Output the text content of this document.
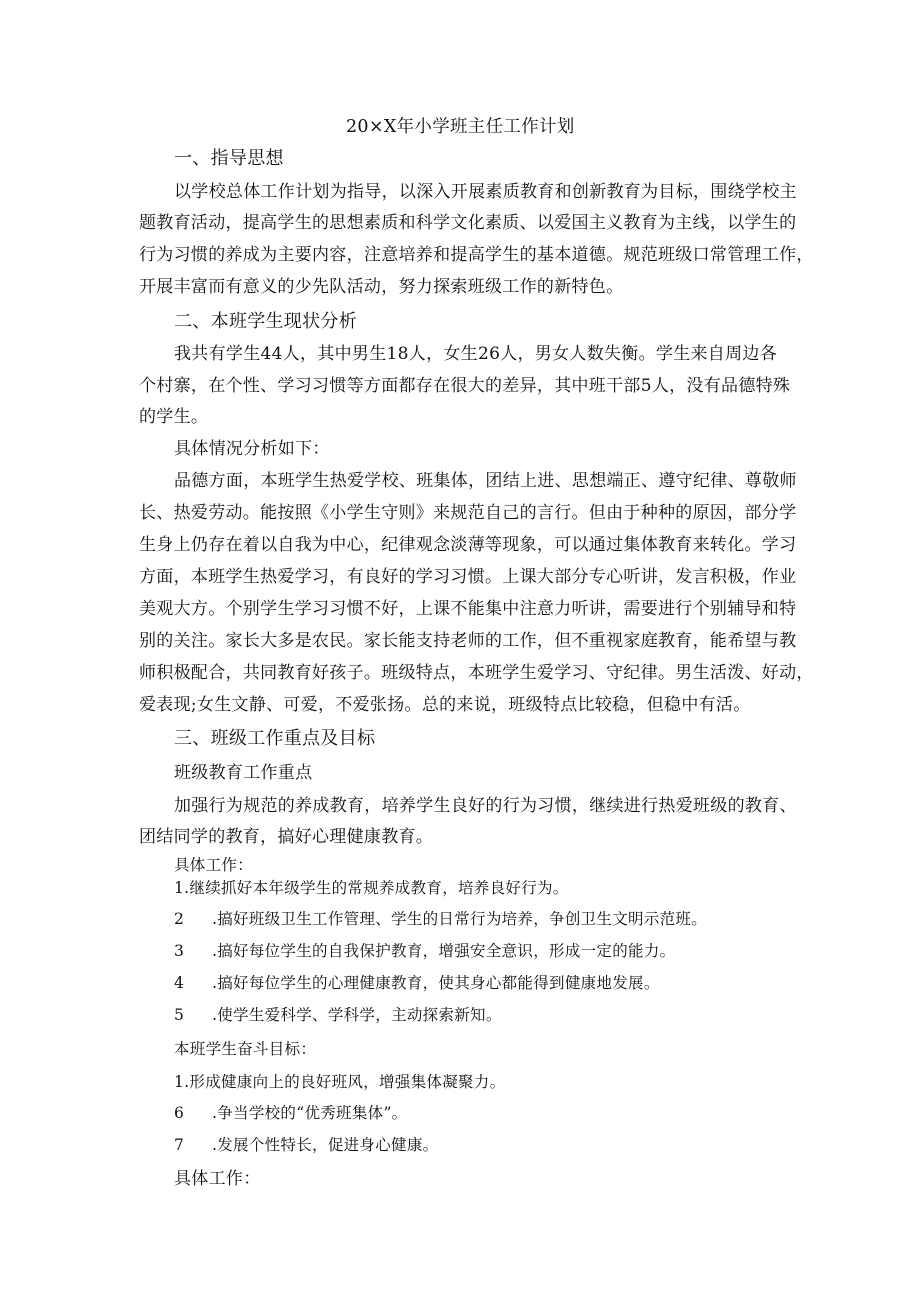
20×X年小学班主任工作计划
一、指导思想
以学校总体工作计划为指导，以深入开展素质教育和创新教育为目标，围绕学校主
题教育活动，提高学生的思想素质和科学文化素质、以爱国主义教育为主线，以学生的
行为习惯的养成为主要内容，注意培养和提高学生的基本道德。规范班级口常管理工作，
开展丰富而有意义的少先队活动，努力探索班级工作的新特色。
二、本班学生现状分析
我共有学生44人，其中男生18人，女生26人，男女人数失衡。学生来自周边各
个村寨，在个性、学习习惯等方面都存在很大的差异，其中班干部5人，没有品德特殊
的学生。
具体情况分析如下：
品德方面，本班学生热爱学校、班集体，团结上进、思想端正、遵守纪律、尊敬师
长、热爱劳动。能按照《小学生守则》来规范自己的言行。但由于种种的原因，部分学
生身上仍存在着以自我为中心，纪律观念淡薄等现象，可以通过集体教育来转化。学习
方面，本班学生热爱学习，有良好的学习习惯。上课大部分专心听讲，发言积极，作业
美观大方。个别学生学习习惯不好，上课不能集中注意力听讲，需要进行个别辅导和特
别的关注。家长大多是农民。家长能支持老师的工作，但不重视家庭教育，能希望与教
师积极配合，共同教育好孩子。班级特点，本班学生爱学习、守纪律。男生活泼、好动，
爱表现;女生文静、可爱，不爱张扬。总的来说，班级特点比较稳，但稳中有活。
三、班级工作重点及目标
班级教育工作重点
加强行为规范的养成教育，培养学生良好的行为习惯，继续进行热爱班级的教育、
团结同学的教育，搞好心理健康教育。
具体工作：
1.继续抓好本年级学生的常规养成教育，培养良好行为。
2 .搞好班级卫生工作管理、学生的日常行为培养，争创卫生文明示范班。
3 .搞好每位学生的自我保护教育，增强安全意识，形成一定的能力。
4 .搞好每位学生的心理健康教育，使其身心都能得到健康地发展。
5 .使学生爱科学、学科学，主动探索新知。
本班学生奋斗目标：
1.形成健康向上的良好班风，增强集体凝聚力。
6 .争当学校的“优秀班集体”。
7 .发展个性特长，促进身心健康。
具体工作：
